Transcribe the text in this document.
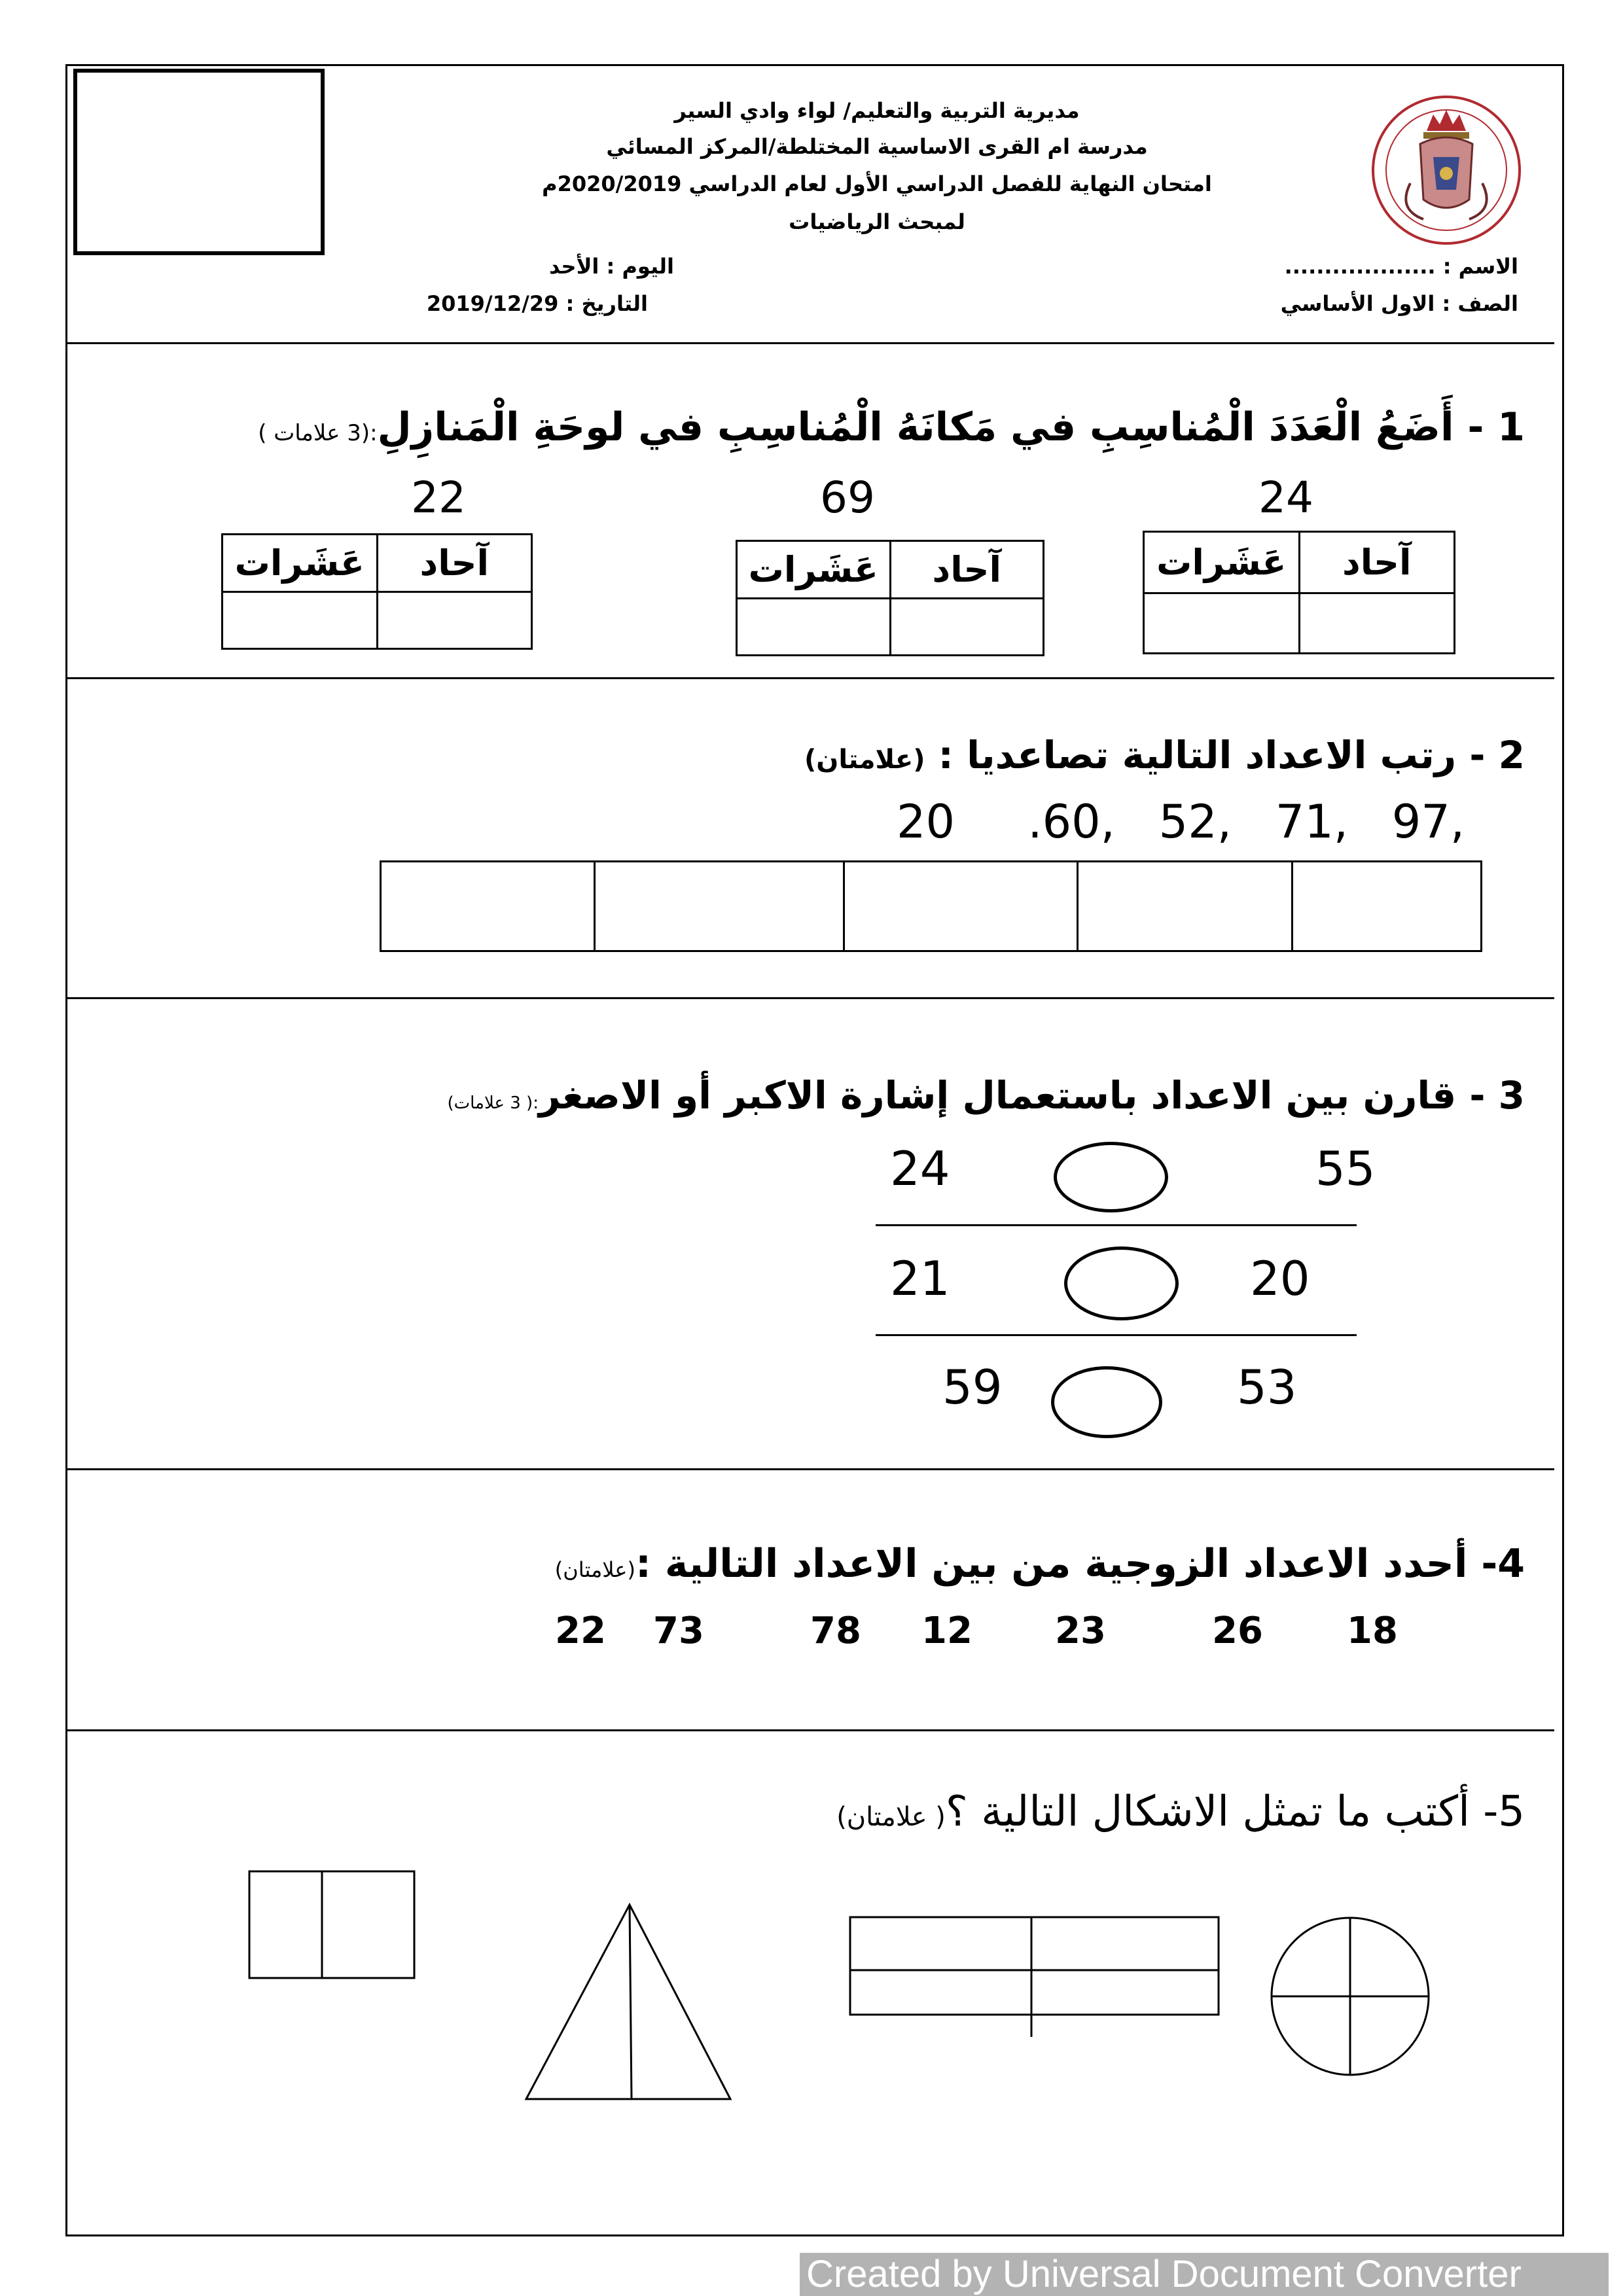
مديرية التربية والتعليم/ لواء وادي السير
مدرسة ام القرى الاساسية المختلطة/المركز المسائي
امتحان النهاية للفصل الدراسي الأول لعام الدراسي 2020/2019م
لمبحث الرياضيات
الاسم : ...................
الصف : الاول الأساسي
اليوم : الأحد
التاريخ : 2019/12/29
1 - أَضَعُ الْعَدَدَ الْمُناسِبِ في مَكانَهُ الْمُناسِبِ في لوحَةِ الْمَنازِلِ:(3 علامات )
24
69
22
آحاد	عَشَرات

آحاد	عَشَرات

آحاد	عَشَرات

2 - رتب الاعداد التالية تصاعديا : (علامتان)
20     .60,   52,   71,   97,

3 - قارن بين الاعداد باستعمال إشارة الاكبر أو الاصغر:( 3 علامات)
55
24
20
21
53
59
4- أحدد الاعداد الزوجية من بين الاعداد التالية :(علامتان)
18
26
23
12
78
73
22
5- أكتب ما تمثل الاشكال التالية ؟( علامتان)
Created by Universal Document Converter
